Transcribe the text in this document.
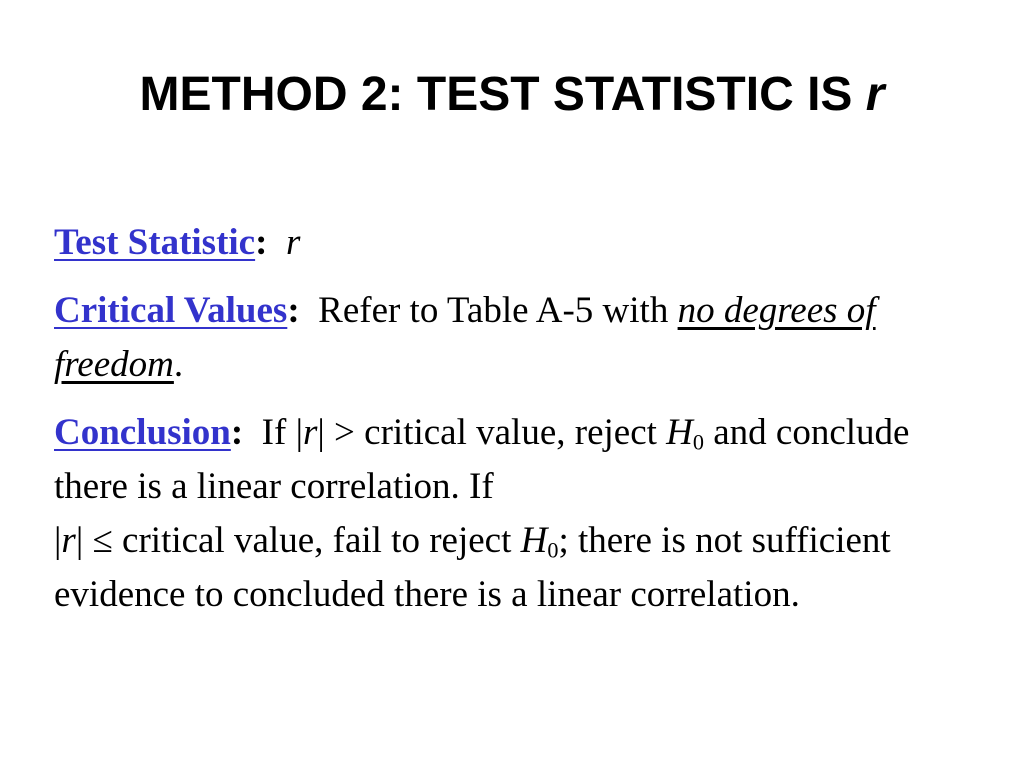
METHOD 2: TEST STATISTIC IS r

Test Statistic: r

Critical Values: Refer to Table A-5 with no degrees of freedom.

Conclusion: If |r| > critical value, reject $H_0$ and conclude there is a linear correlation. If
|r| ≤ critical value, fail to reject $H_0$; there is not sufficient evidence to concluded there is a linear correlation.
